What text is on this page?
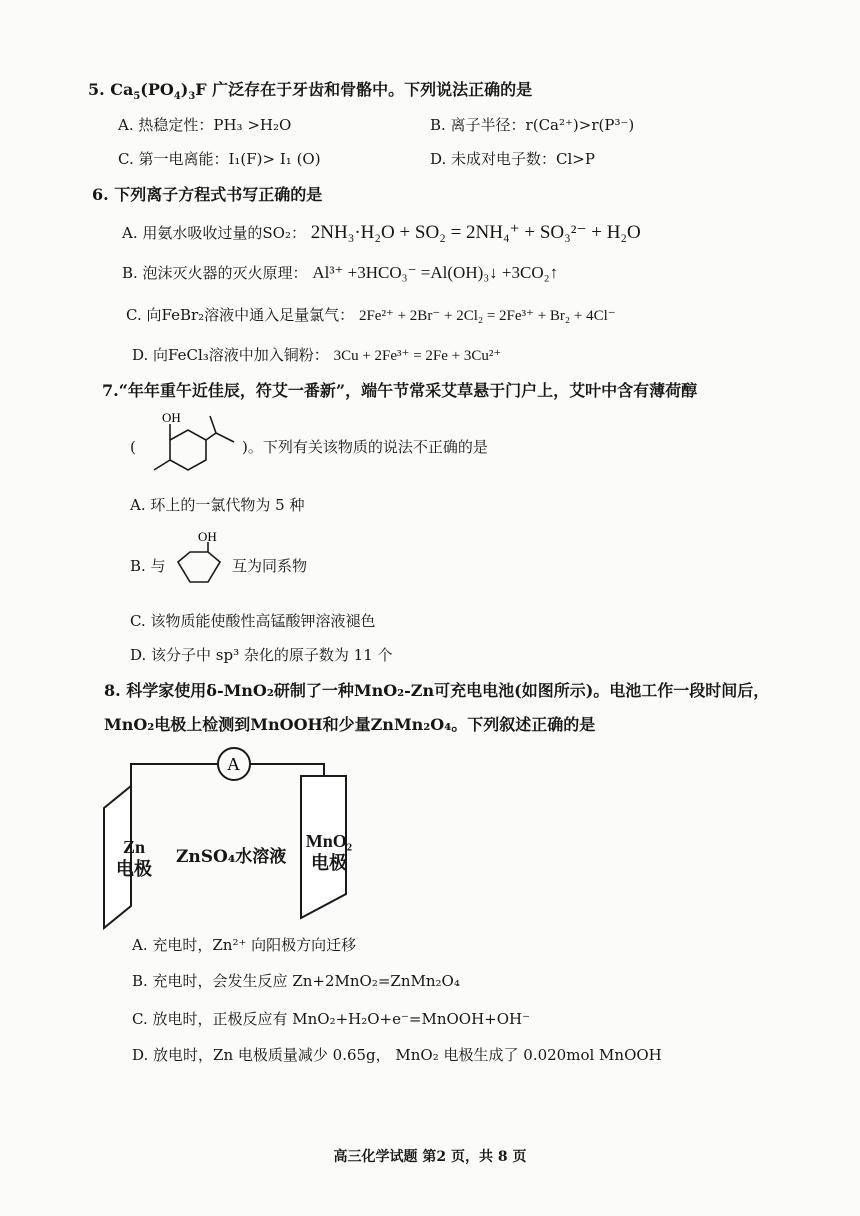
5. $Ca_5(PO_4)_3F$ 广泛存在于牙齿和骨骼中。下列说法正确的是
A. 热稳定性：PH₃ >H₂O	B. 离子半径：r(Ca²⁺)>r(P³⁻)
C. 第一电离能：I₁(F)> I₁ (O)	D. 未成对电子数：Cl>P
6. 下列离子方程式书写正确的是
A. 用氨水吸收过量的SO₂： 2NH₃·H₂O + SO₂ = 2NH₄⁺ + SO₃²⁻ + H₂O
B. 泡沫灭火器的灭火原理： Al³⁺ +3HCO₃⁻ =Al(OH)₃↓ +3CO₂↑
C. 向FeBr₂溶液中通入足量氯气： 2Fe²⁺ + 2Br⁻ + 2Cl₂ = 2Fe³⁺ + Br₂ + 4Cl⁻
D. 向FeCl₃溶液中加入铜粉： 3Cu + 2Fe³⁺ = 2Fe + 3Cu²⁺
7.“年年重午近佳辰，符艾一番新”，端午节常采艾草悬于门户上，艾叶中含有薄荷醇
(
OH
)。下列有关该物质的说法不正确的是
A. 环上的一氯代物为 5 种
B. 与
OH
互为同系物
C. 该物质能使酸性高锰酸钾溶液褪色
D. 该分子中 sp³ 杂化的原子数为 11 个
8. 科学家使用δ-MnO₂研制了一种MnO₂-Zn可充电电池(如图所示)。电池工作一段时间后，
MnO₂电极上检测到MnOOH和少量ZnMn₂O₄。下列叙述正确的是
A
Zn
电极
MnO₂
电极
ZnSO₄水溶液
A. 充电时，Zn²⁺ 向阳极方向迁移
B. 充电时，会发生反应 Zn+2MnO₂=ZnMn₂O₄
C. 放电时，正极反应有 MnO₂+H₂O+e⁻=MnOOH+OH⁻
D. 放电时，Zn 电极质量减少 0.65g， MnO₂ 电极生成了 0.020mol MnOOH
高三化学试题 第2 页，共 8 页
